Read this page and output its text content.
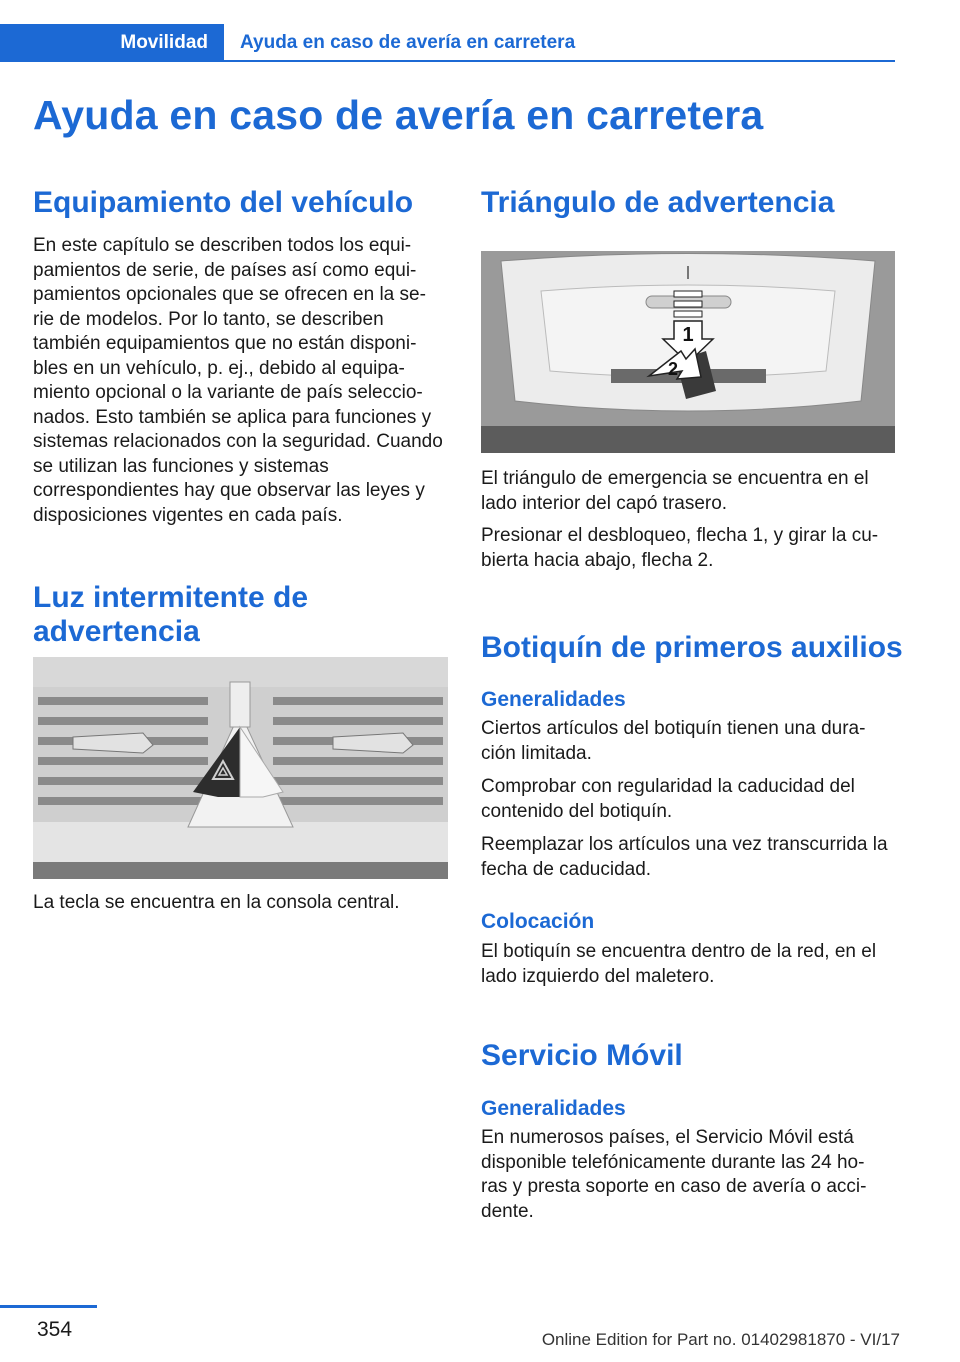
Movilidad Ayuda en caso de avería en carretera
Ayuda en caso de avería en carretera
Equipamiento del vehículo

En este capítulo se describen todos los equi‑ pamientos de serie, de países así como equi‑ pamientos opcionales que se ofrecen en la se‑ rie de modelos. Por lo tanto, se describen también equipamientos que no están disponi‑ bles en un vehículo, p. ej., debido al equipa‑ miento opcional o la variante de país seleccio‑ nados. Esto también se aplica para funciones y sistemas relacionados con la seguridad. Cuando se utilizan las funciones y sistemas correspondientes hay que observar las leyes y disposiciones vigentes en cada país.

Luz intermitente de advertencia

La tecla se encuentra en la consola central.

Triángulo de advertencia
1
2

El triángulo de emergencia se encuentra en el lado interior del capó trasero.

Presionar el desbloqueo, flecha 1, y girar la cu‑ bierta hacia abajo, flecha 2.

Botiquín de primeros auxilios
Generalidades

Ciertos artículos del botiquín tienen una dura‑ ción limitada.

Comprobar con regularidad la caducidad del contenido del botiquín.

Reemplazar los artículos una vez transcurrida la fecha de caducidad.

Colocación

El botiquín se encuentra dentro de la red, en el lado izquierdo del maletero.

Servicio Móvil
Generalidades

En numerosos países, el Servicio Móvil está disponible telefónicamente durante las 24 ho‑ ras y presta soporte en caso de avería o acci‑ dente.

354	Online Edition for Part no. 01402981870 - VI/17
